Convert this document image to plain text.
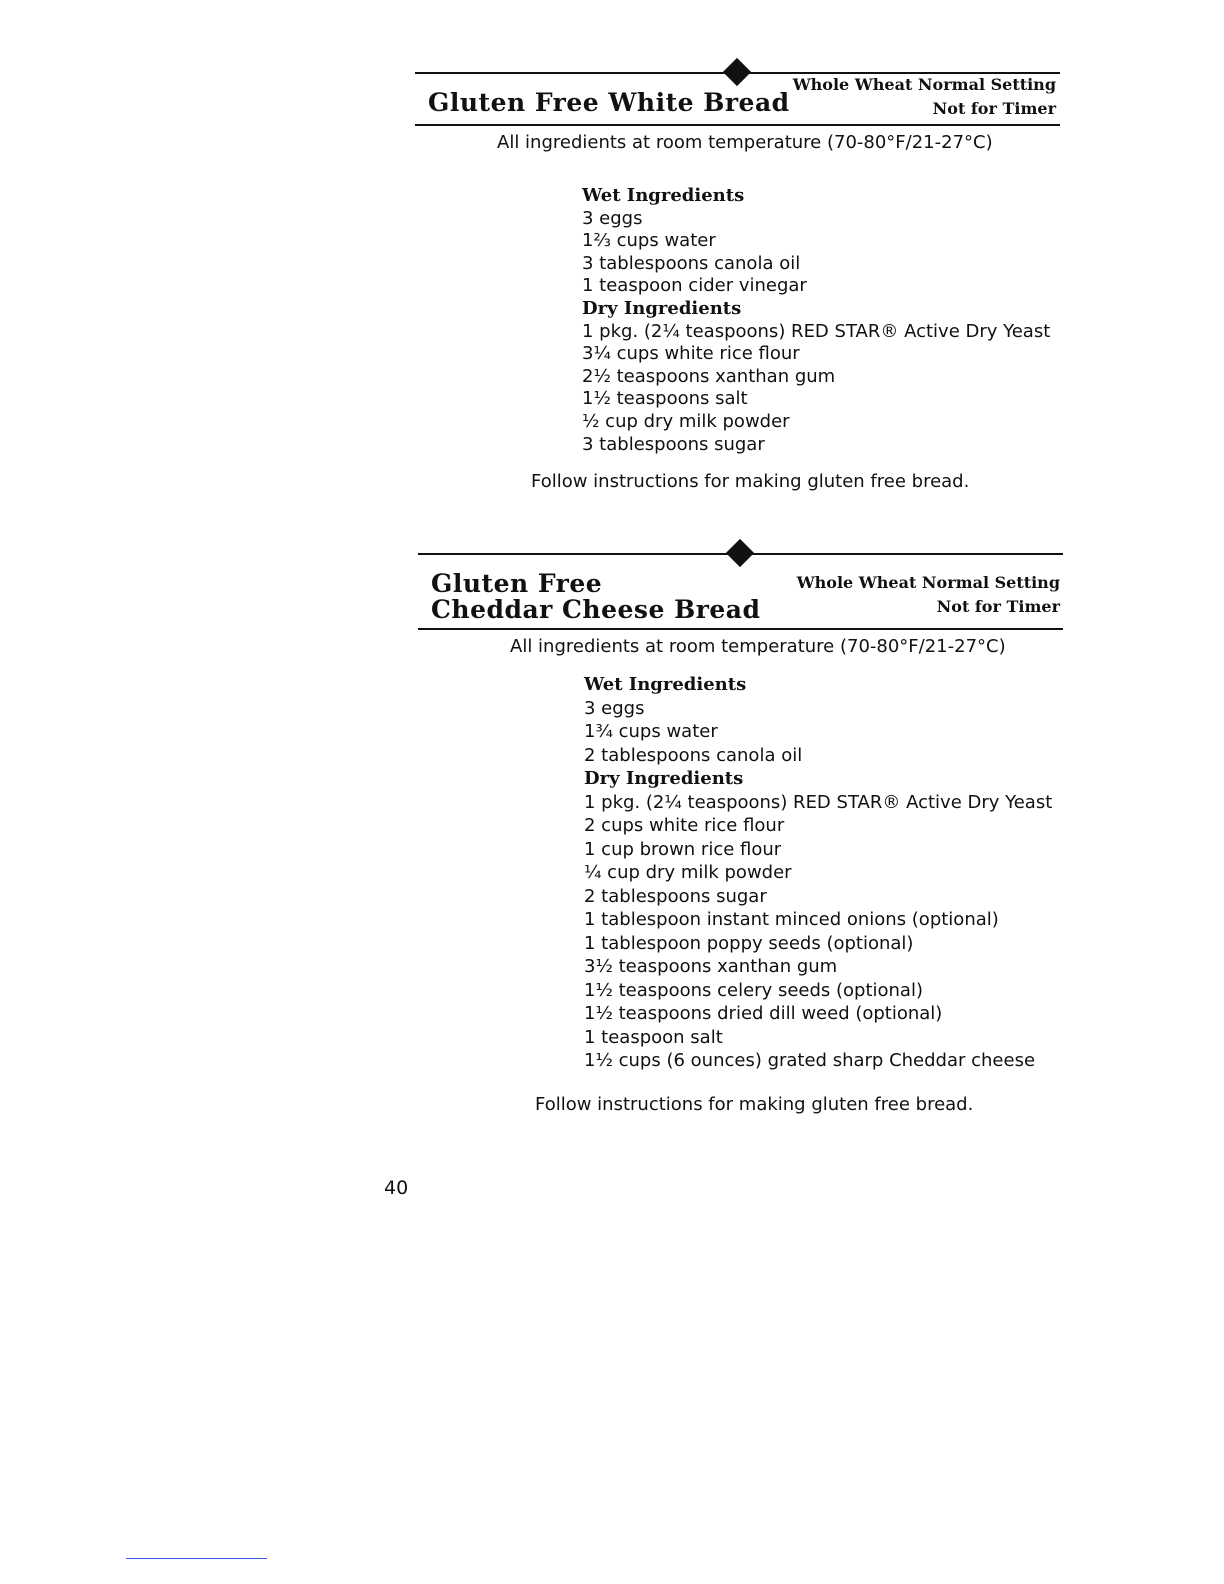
Gluten Free White Bread
Whole Wheat Normal Setting
Not for Timer
All ingredients at room temperature (70-80°F/21-27°C)
Wet Ingredients
3 eggs
1⅔ cups water
3 tablespoons canola oil
1 teaspoon cider vinegar
Dry Ingredients
1 pkg. (2¼ teaspoons) RED STAR® Active Dry Yeast
3¼ cups white rice flour
2½ teaspoons xanthan gum
1½ teaspoons salt
½ cup dry milk powder
3 tablespoons sugar
Follow instructions for making gluten free bread.
Gluten Free
Cheddar Cheese Bread
Whole Wheat Normal Setting
Not for Timer
All ingredients at room temperature (70-80°F/21-27°C)
Wet Ingredients
3 eggs
1¾ cups water
2 tablespoons canola oil
Dry Ingredients
1 pkg. (2¼ teaspoons) RED STAR® Active Dry Yeast
2 cups white rice flour
1 cup brown rice flour
¼ cup dry milk powder
2 tablespoons sugar
1 tablespoon instant minced onions (optional)
1 tablespoon poppy seeds (optional)
3½ teaspoons xanthan gum
1½ teaspoons celery seeds (optional)
1½ teaspoons dried dill weed (optional)
1 teaspoon salt
1½ cups (6 ounces) grated sharp Cheddar cheese
Follow instructions for making gluten free bread.
40
